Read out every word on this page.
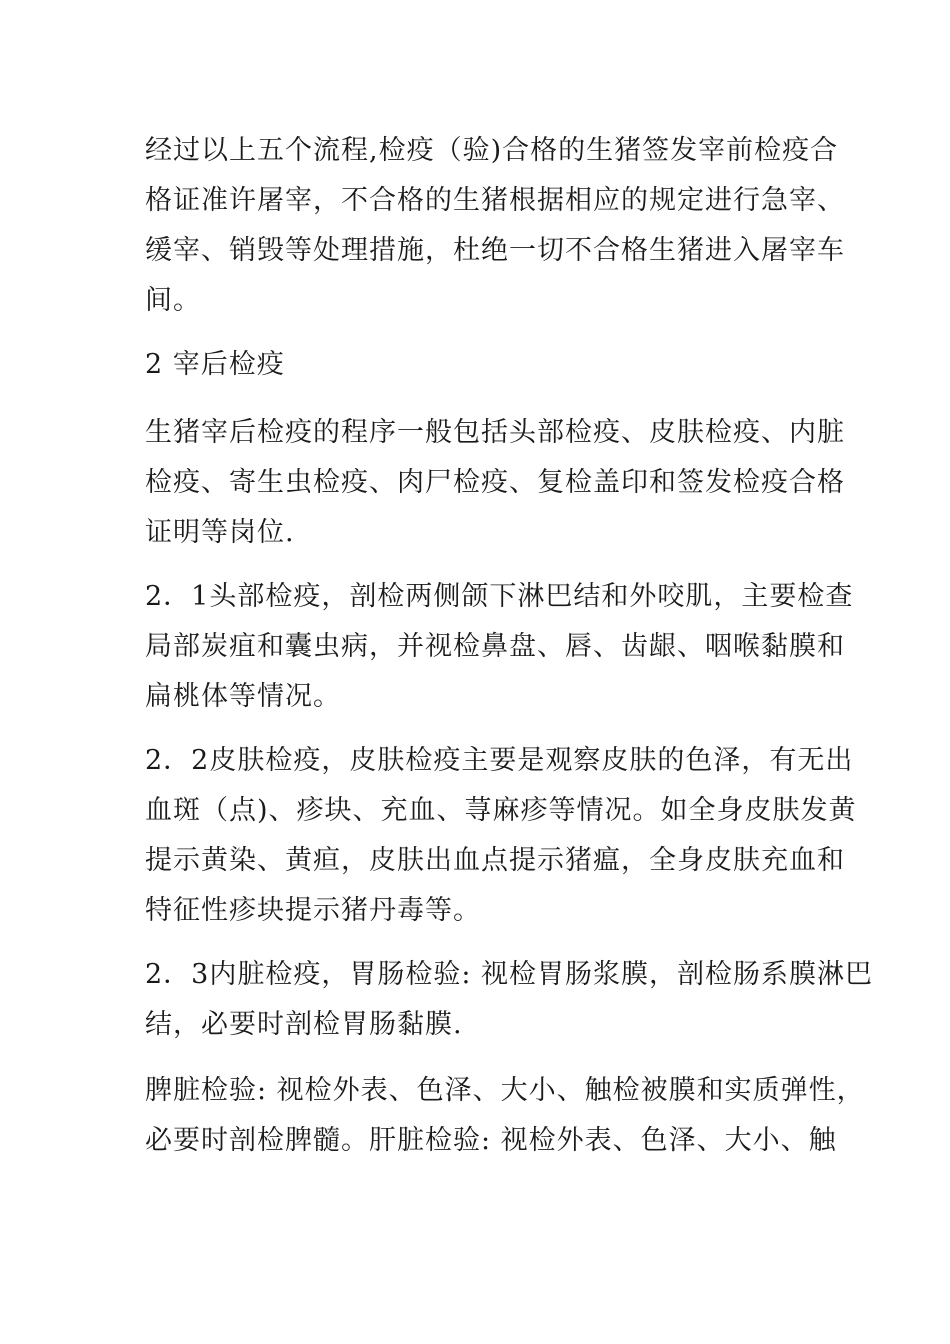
经过以上五个流程,检疫（验)合格的生猪签发宰前检疫合
格证准许屠宰，不合格的生猪根据相应的规定进行急宰、
缓宰、销毁等处理措施，杜绝一切不合格生猪进入屠宰车
间。
2 宰后检疫
生猪宰后检疫的程序一般包括头部检疫、皮肤检疫、内脏
检疫、寄生虫检疫、肉尸检疫、复检盖印和签发检疫合格
证明等岗位.
2．1头部检疫，剖检两侧颌下淋巴结和外咬肌，主要检查
局部炭疽和囊虫病，并视检鼻盘、唇、齿龈、咽喉黏膜和
扁桃体等情况。
2．2皮肤检疫，皮肤检疫主要是观察皮肤的色泽，有无出
血斑（点)、疹块、充血、荨麻疹等情况。如全身皮肤发黄
提示黄染、黄疸，皮肤出血点提示猪瘟，全身皮肤充血和
特征性疹块提示猪丹毒等。
2．3内脏检疫，胃肠检验: 视检胃肠浆膜，剖检肠系膜淋巴
结，必要时剖检胃肠黏膜.
脾脏检验: 视检外表、色泽、大小、触检被膜和实质弹性，
必要时剖检脾髓。肝脏检验: 视检外表、色泽、大小、触
